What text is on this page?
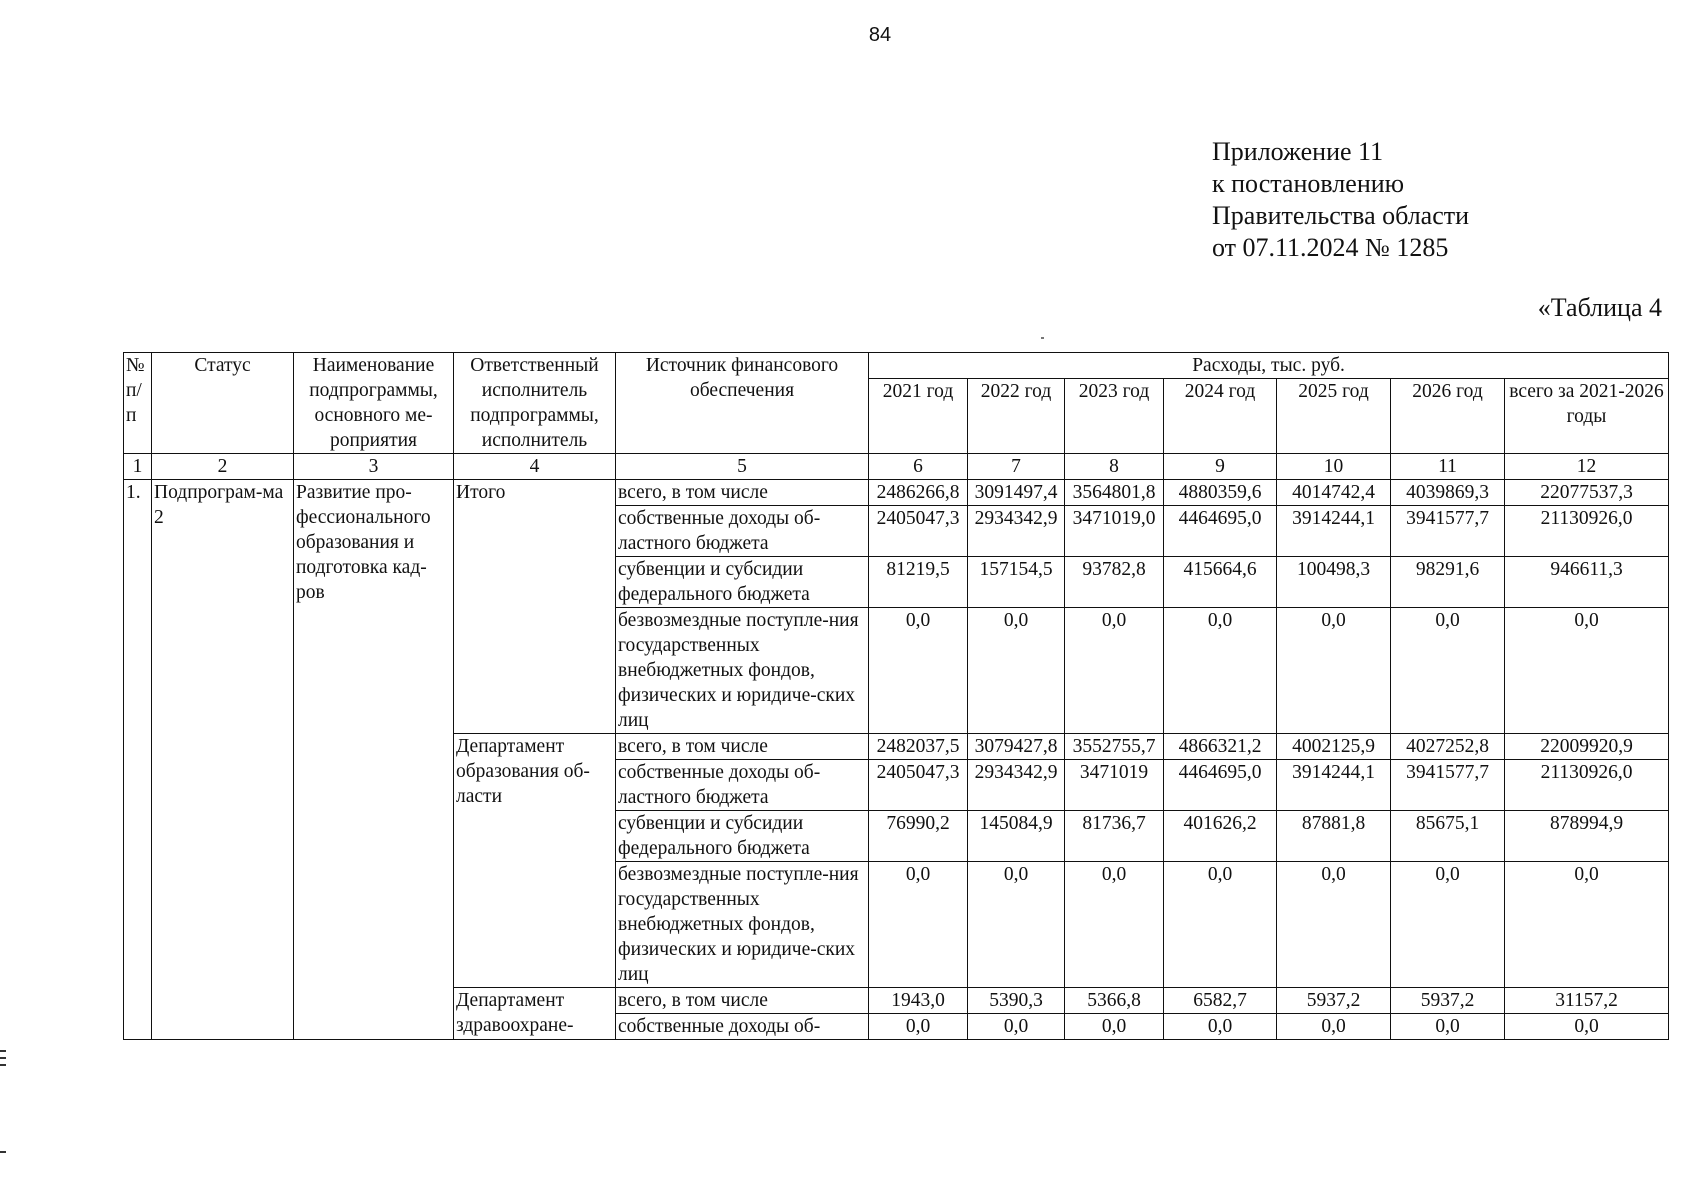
84
Приложение 11
к постановлению
Правительства области
от 07.11.2024 № 1285
«Таблица 4
№ п/п	Статус	Наименование подпрограммы, основного ме-роприятия	Ответственный исполнитель подпрограммы, исполнитель	Источник финансового обеспечения	Расходы, тыс. руб.						
					2021 год	2022 год	2023 год	2024 год	2025 год	2026 год	всего за 2021-2026 годы
1	2	3	4	5	6	7	8	9	10	11	12
1.	Подпрограм-ма 2	Развитие про-фессионального образования и подготовка кад-ров	Итого	всего, в том числе	2486266,8	3091497,4	3564801,8	4880359,6	4014742,4	4039869,3	22077537,3
				собственные доходы об-ластного бюджета	2405047,3	2934342,9	3471019,0	4464695,0	3914244,1	3941577,7	21130926,0
				субвенции и субсидии федерального бюджета	81219,5	157154,5	93782,8	415664,6	100498,3	98291,6	946611,3
				безвозмездные поступле-ния государственных внебюджетных фондов, физических и юридиче-ских лиц	0,0	0,0	0,0	0,0	0,0	0,0	0,0
			Департамент образования об-ласти	всего, в том числе	2482037,5	3079427,8	3552755,7	4866321,2	4002125,9	4027252,8	22009920,9
				собственные доходы об-ластного бюджета	2405047,3	2934342,9	3471019	4464695,0	3914244,1	3941577,7	21130926,0
				субвенции и субсидии федерального бюджета	76990,2	145084,9	81736,7	401626,2	87881,8	85675,1	878994,9
				безвозмездные поступле-ния государственных внебюджетных фондов, физических и юридиче-ских лиц	0,0	0,0	0,0	0,0	0,0	0,0	0,0
			Департамент здравоохране-	всего, в том числе	1943,0	5390,3	5366,8	6582,7	5937,2	5937,2	31157,2
				собственные доходы об-	0,0	0,0	0,0	0,0	0,0	0,0	0,0
